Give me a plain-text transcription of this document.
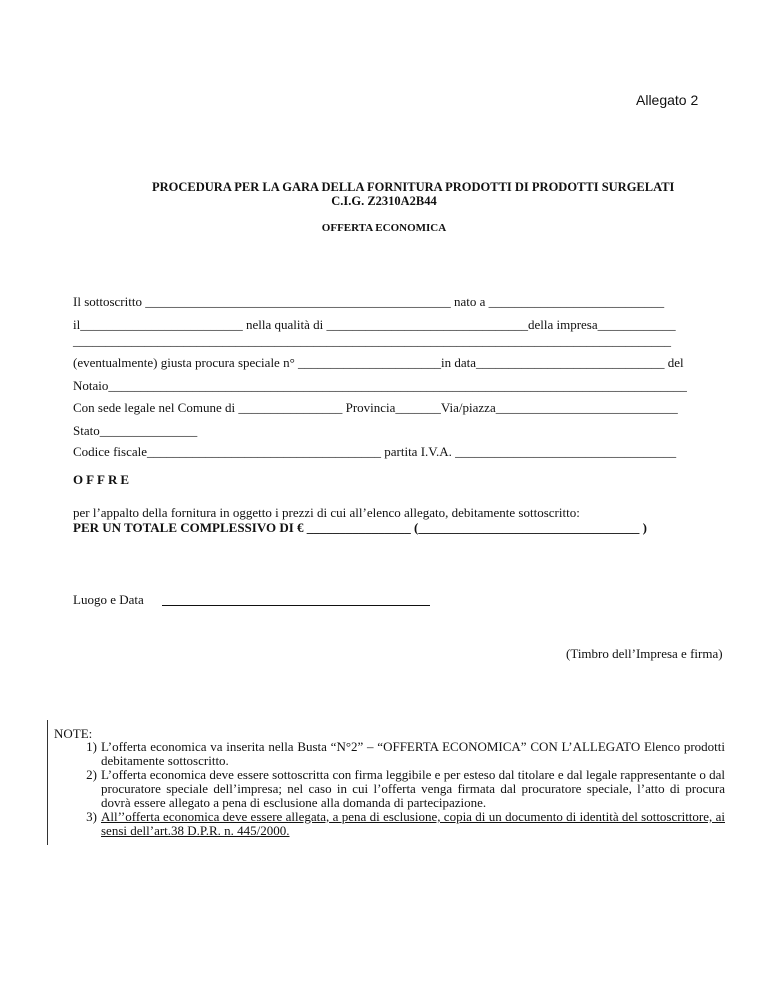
Allegato 2
PROCEDURA PER LA GARA DELLA FORNITURA PRODOTTI DI PRODOTTI SURGELATI
C.I.G. Z2310A2B44
OFFERTA ECONOMICA
Il sottoscritto _______________________________________________ nato a ___________________________
il_________________________ nella qualità di _______________________________della impresa____________
____________________________________________________________________________________________
(eventualmente) giusta procura speciale n° ______________________in data_____________________________ del
Notaio_________________________________________________________________________________________
Con sede legale nel Comune di ________________ Provincia_______Via/piazza____________________________
Stato_______________
Codice fiscale____________________________________ partita I.V.A. __________________________________
OFFRE
per l’appalto della fornitura in oggetto i prezzi di cui all’elenco allegato, debitamente sottoscritto:
PER UN TOTALE COMPLESSIVO DI € ________________ (__________________________________ )
Luogo e Data
(Timbro dell’Impresa e firma)
NOTE:
1) L’offerta economica va inserita nella Busta “N°2” – “OFFERTA ECONOMICA” CON L’ALLEGATO Elenco prodotti debitamente sottoscritto.
2) L’offerta economica deve essere sottoscritta con firma leggibile e per esteso dal titolare e dal legale rappresentante o dal procuratore speciale dell’impresa; nel caso in cui l’offerta venga firmata dal procuratore speciale, l’atto di procura dovrà essere allegato a pena di esclusione alla domanda di partecipazione.
3) All’’offerta economica deve essere allegata, a pena di esclusione, copia di un documento di identità del sottoscrittore, ai sensi dell’art.38 D.P.R. n. 445/2000.
